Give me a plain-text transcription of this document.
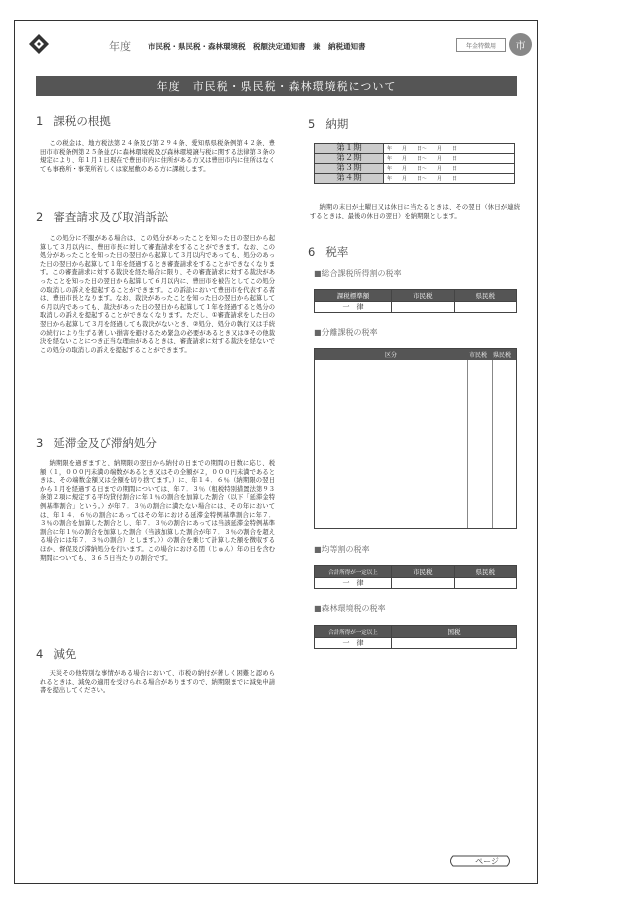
年度 市民税・県民税・森林環境税　税額決定通知書　兼　納税通知書	年金特徴用	市
年度　市民税・県民税・森林環境税について
1 課税の根拠
この税金は、地方税法第２４条及び第２９４条、愛知県県税条例第４２条、豊田市市税条例第２５条並びに森林環境税及び森林環境譲与税に関する法律第３条の規定により、年１月１日現在で豊田市内に住所がある方又は豊田市内に住所はなくても事務所・事業所若しくは家屋敷のある方に課税します。
2 審査請求及び取消訴訟
この処分に不服がある場合は、この処分があったことを知った日の翌日から起算して３月以内に、豊田市長に対して審査請求をすることができます。なお、この処分があったことを知った日の翌日から起算して３月以内であっても、処分のあった日の翌日から起算して１年を経過するとき審査請求をすることができなくなります。この審査請求に対する裁決を経た場合に限り、その審査請求に対する裁決があったことを知った日の翌日から起算して６月以内に、豊田市を被告としてこの処分の取消しの訴えを提起することができます。この訴訟において豊田市を代表する者は、豊田市長となります。なお、裁決があったことを知った日の翌日から起算して６月以内であっても、裁決があった日の翌日から起算して１年を経過すると処分の取消しの訴えを提起することができなくなります。ただし、①審査請求をした日の翌日から起算して３月を経過しても裁決がないとき、②処分、処分の執行又は手続の続行により生ずる著しい損害を避けるため緊急の必要があるとき又は③その他裁決を経ないことにつき正当な理由があるときは、審査請求に対する裁決を経ないでこの処分の取消しの訴えを提起することができます。
3 延滞金及び滞納処分
納期限を過ぎますと、納期限の翌日から納付の日までの期間の日数に応じ、税額（１，０００円未満の端数があるとき又はその全額が２，０００円未満であるときは、その端数金額又は全額を切り捨てます。）に、年１４．６％（納期限の翌日から１月を経過する日までの期間については、年７．３％（租税特別措置法第９３条第２項に規定する平均貸付割合に年１％の割合を加算した割合（以下「延滞金特例基準割合」という。）が年７．３％の割合に満たない場合には、その年においては、年１４．６％の割合にあってはその年における延滞金特例基準割合に年７．３％の割合を加算した割合とし、年７．３％の割合にあっては当該延滞金特例基準割合に年１％の割合を加算した割合（当該加算した割合が年７．３％の割合を超える場合には年７．３％の割合）とします。））の割合を乗じて計算した額を徴収するほか、督促及び滞納処分を行います。この場合における閏（じゅん）年の日を含む期間についても、３６５日当たりの割合です。
4 減免
天災その他特別な事情がある場合において、市税の納付が著しく困難と認められるときは、減免の適用を受けられる場合がありますので、納期限までに減免申請書を提出してください。
5 納期
第１期	年　　月　　日〜　　月　　日
第２期	年　　月　　日〜　　月　　日
第３期	年　　月　　日〜　　月　　日
第４期	年　　月　　日〜　　月　　日
納期の末日が土曜日又は休日に当たるときは、その翌日（休日が連続するときは、最後の休日の翌日）を納期限とします。
6 税率
■総合課税所得割の税率
課税標準額	市民税	県民税
一　律		
■分離課税の税率
区分	市民税 県民税
■均等割の税率
合計所得が一定以上	市民税	県民税
一　律		
■森林環境税の税率
合計所得が一定以上	国税
一　律	
ページ
